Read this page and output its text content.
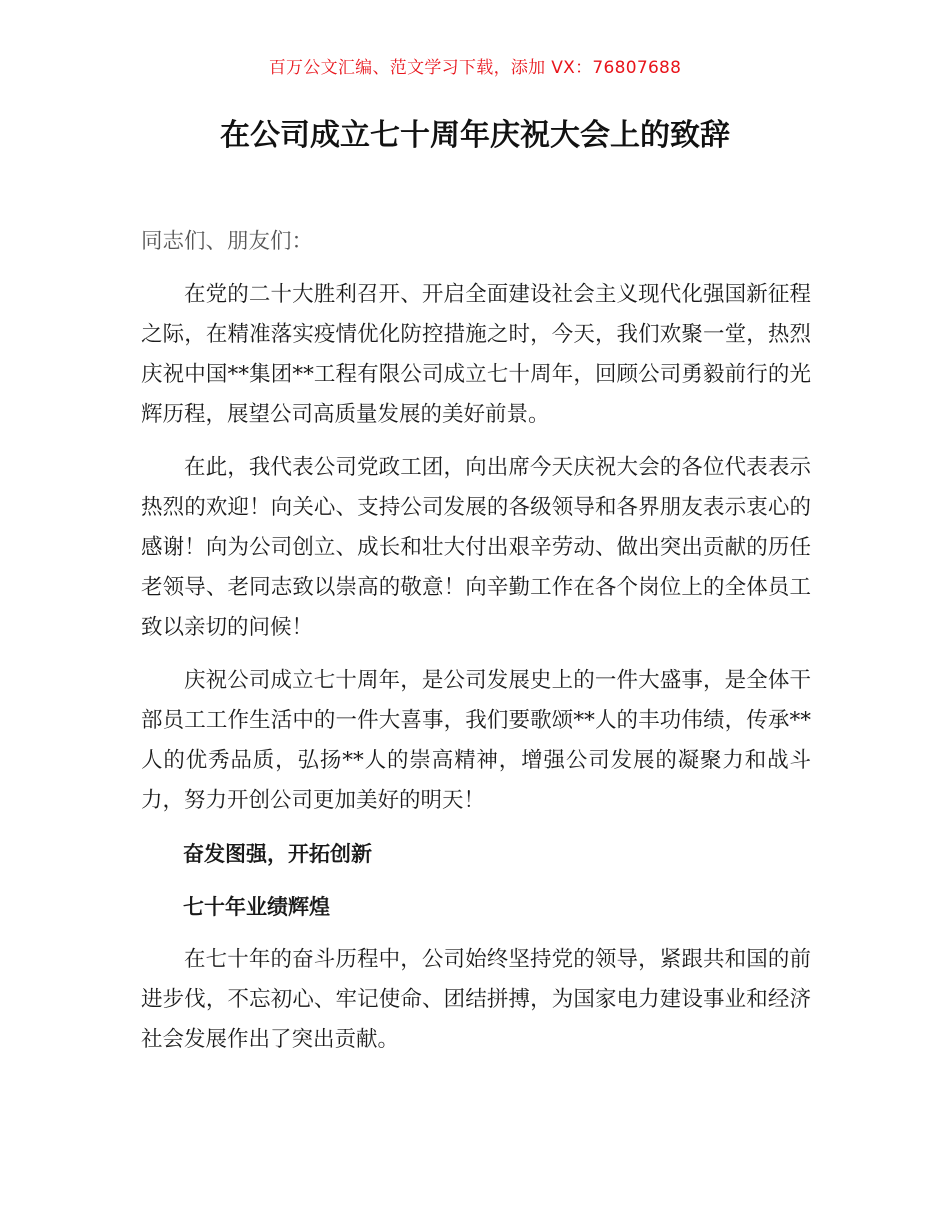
百万公文汇编、范文学习下载，添加 VX：76807688
在公司成立七十周年庆祝大会上的致辞

同志们、朋友们：

在党的二十大胜利召开、开启全面建设社会主义现代化强国新征程之际，在精准落实疫情优化防控措施之时，今天，我们欢聚一堂，热烈庆祝中国**集团**工程有限公司成立七十周年，回顾公司勇毅前行的光辉历程，展望公司高质量发展的美好前景。

在此，我代表公司党政工团，向出席今天庆祝大会的各位代表表示热烈的欢迎！向关心、支持公司发展的各级领导和各界朋友表示衷心的感谢！向为公司创立、成长和壮大付出艰辛劳动、做出突出贡献的历任老领导、老同志致以崇高的敬意！向辛勤工作在各个岗位上的全体员工致以亲切的问候！

庆祝公司成立七十周年，是公司发展史上的一件大盛事，是全体干部员工工作生活中的一件大喜事，我们要歌颂**人的丰功伟绩，传承**人的优秀品质，弘扬**人的崇高精神，增强公司发展的凝聚力和战斗力，努力开创公司更加美好的明天！

奋发图强，开拓创新

七十年业绩辉煌

在七十年的奋斗历程中，公司始终坚持党的领导，紧跟共和国的前进步伐，不忘初心、牢记使命、团结拼搏，为国家电力建设事业和经济社会发展作出了突出贡献。
